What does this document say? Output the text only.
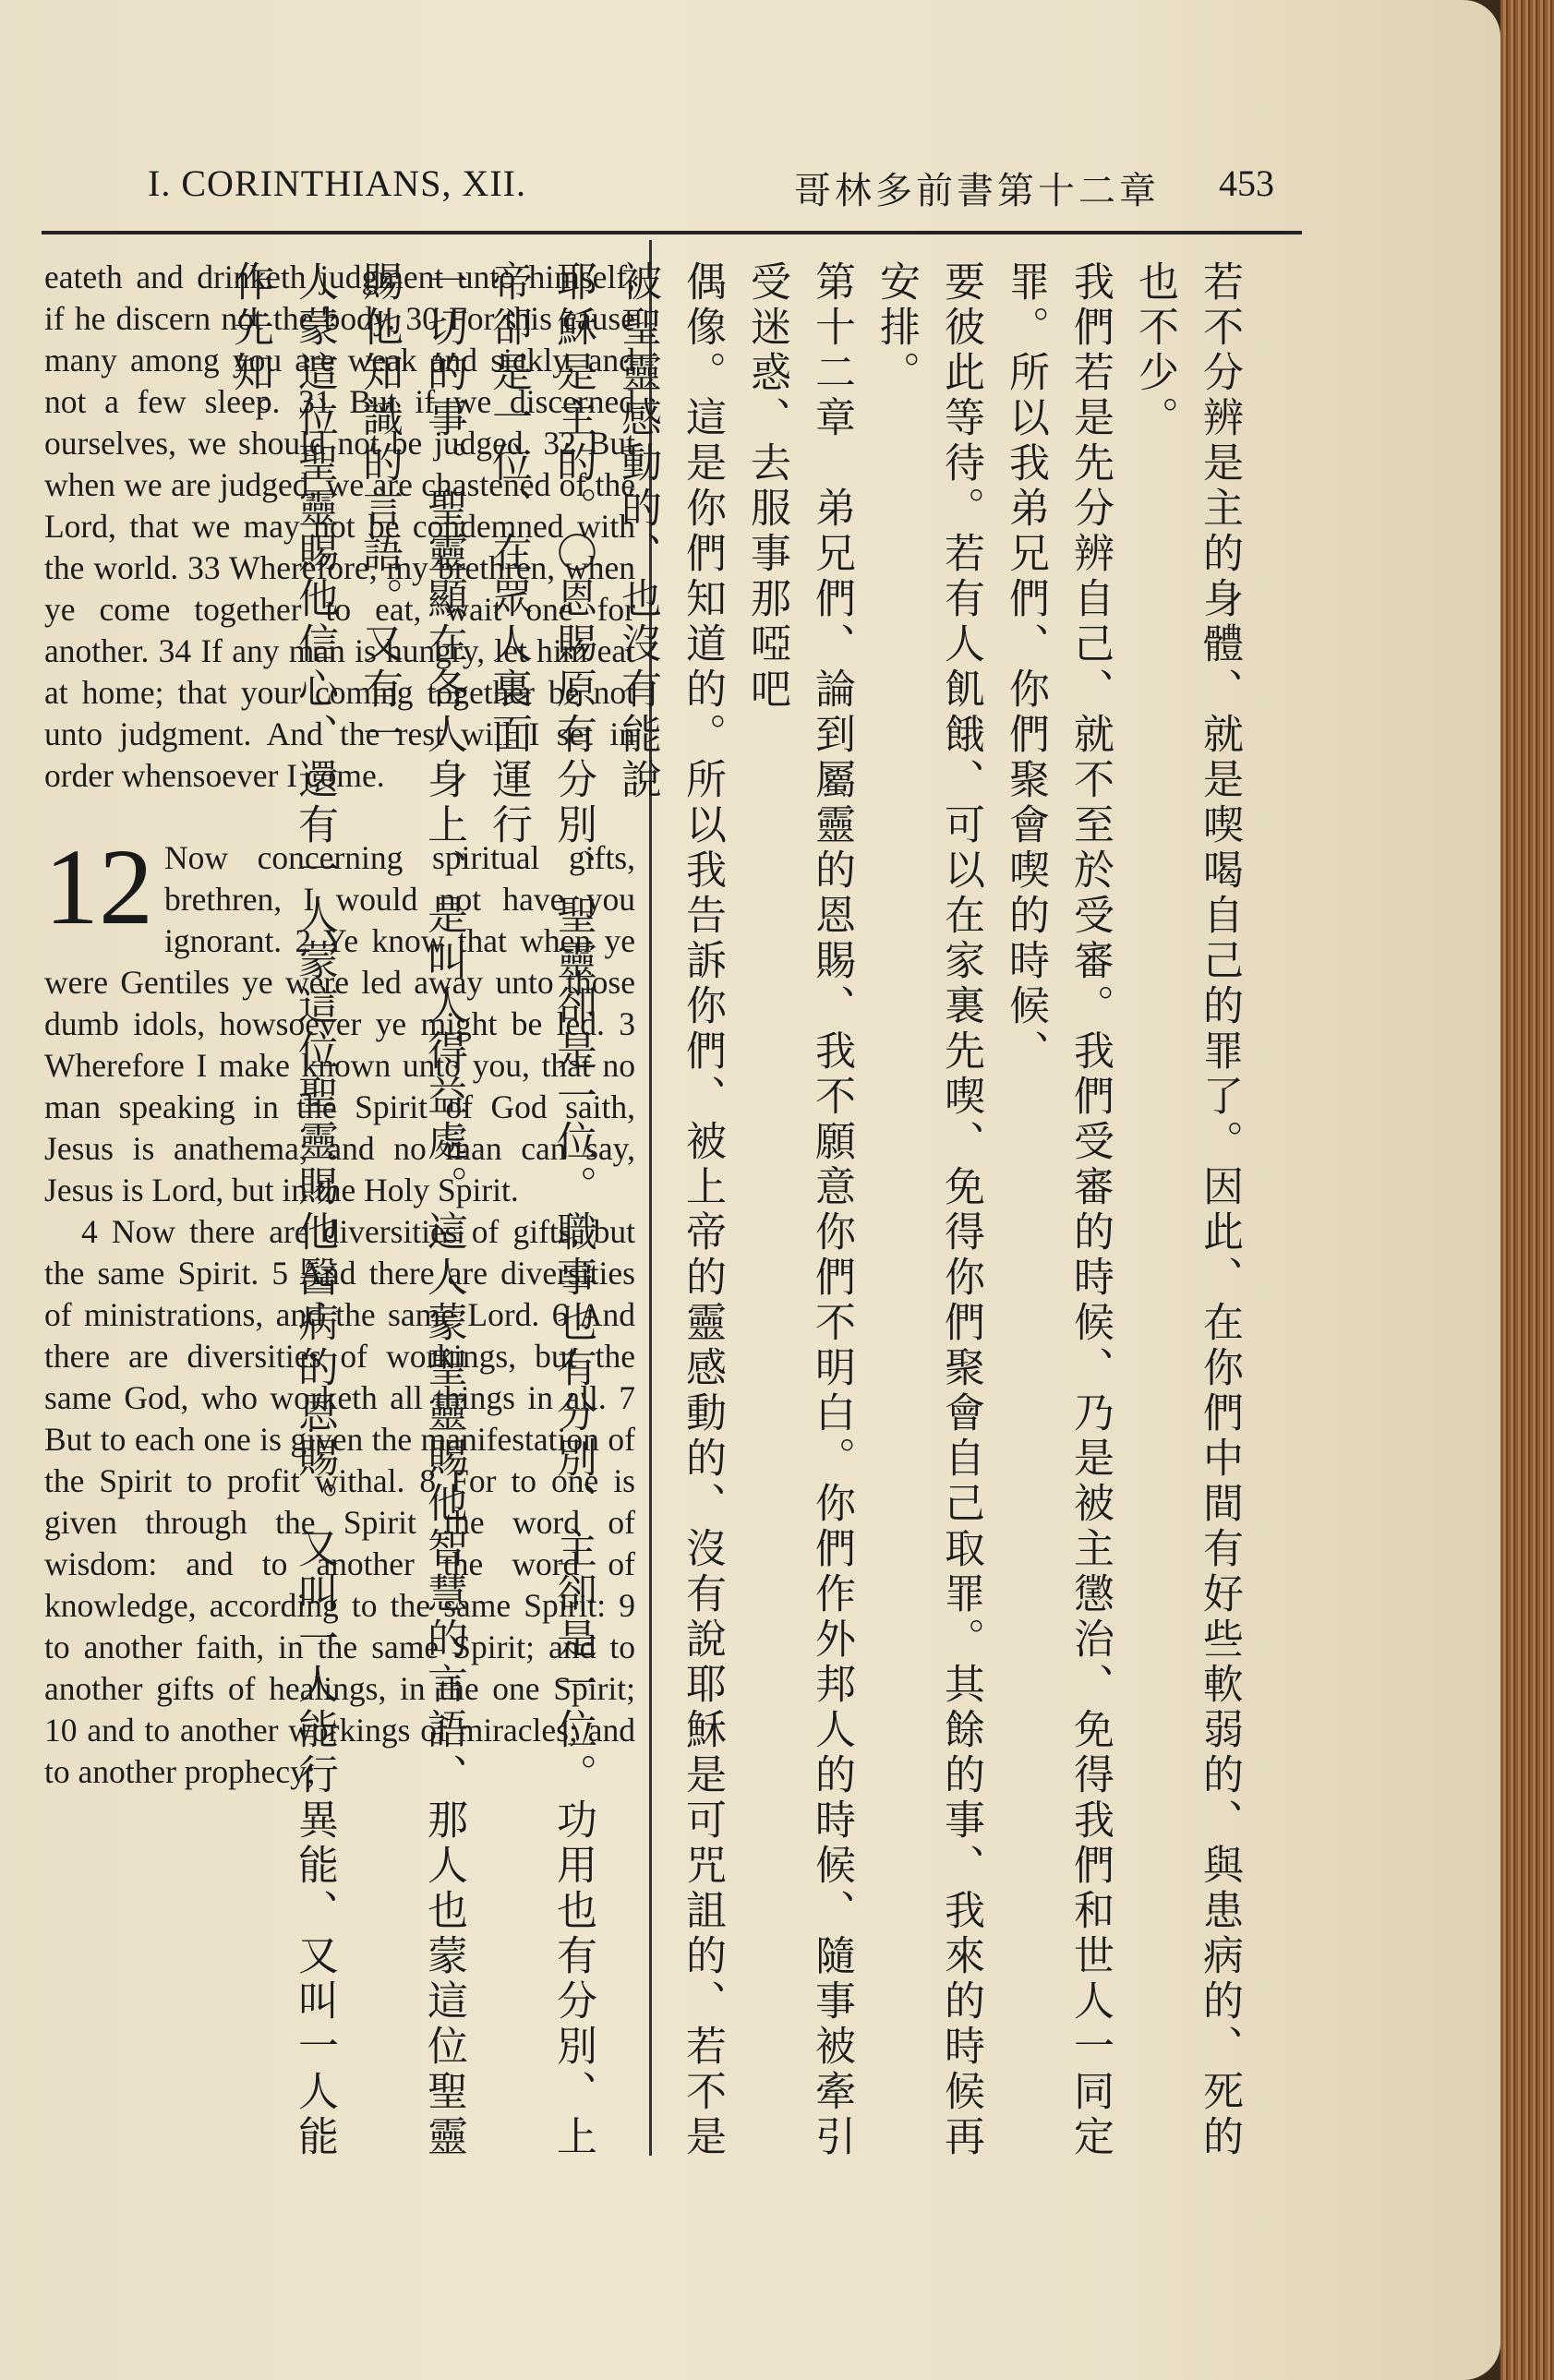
I. CORINTHIANS, XII.	哥林多前書第十二章 453

eateth and drinketh judgment unto himself, if he discern not the body. 30 For this cause many among you are weak and sickly, and not a few sleep. 31 But if we discerned ourselves, we should not be judged. 32 But when we are judged, we are chastened of the Lord, that we may not be condemned with the world. 33 Wherefore, my brethren, when ye come together to eat, wait one for another. 34 If any man is hungry, let him eat at home; that your coming together be not unto judgment. And the rest will I set in order whensoever I come.

12 Now concerning spiritual gifts, brethren, I would not have you ignorant. 2 Ye know that when ye were Gentiles ye were led away unto those dumb idols, howsoever ye might be led. 3 Wherefore I make known unto you, that no man speaking in the Spirit of God saith, Jesus is anathema; and no man can say, Jesus is Lord, but in the Holy Spirit.

4 Now there are diversities of gifts, but the same Spirit. 5 And there are diversities of ministrations, and the same Lord. 6 And there are diversities of workings, but the same God, who worketh all things in all. 7 But to each one is given the manifestation of the Spirit to profit withal. 8 For to one is given through the Spirit the word of wisdom: and to another the word of knowledge, according to the same Spirit: 9 to another faith, in the same Spirit; and to another gifts of healings, in the one Spirit; 10 and to another workings of miracles; and to another prophecy;	若不分辨是主的身體、就是喫喝自己的罪了。因此、在你們中間有好些軟弱的、與患病的、死的也不少。

我們若是先分辨自己、就不至於受審。我們受審的時候、乃是被主懲治、免得我們和世人一同定罪。所以我弟兄們、你們聚會喫的時候、

要彼此等待。若有人飢餓、可以在家裏先喫、免得你們聚會自己取罪。其餘的事、我來的時候再安排。

第十二章　弟兄們、論到屬靈的恩賜、我不願意你們不明白。你們作外邦人的時候、隨事被牽引受迷惑、去服事那啞吧

偶像。這是你們知道的。所以我告訴你們、被上帝的靈感動的、沒有說耶穌是可咒詛的、若不是被聖靈感動的、也沒有能說

耶穌是主的。〇恩賜原有分別、聖靈卻是一位。職事也有分別、主卻是一位。功用也有分別、上帝卻是一位、在眾人裏面運行

一切的事。聖靈顯在各人身上、是叫人得益處。這人蒙聖靈賜他智慧的言語、那人也蒙這位聖靈賜他知識的言語。又有一

人蒙這位聖靈賜他信心、還有一人蒙這位聖靈賜他醫病的恩賜。又叫一人能行異能、又叫一人能作先知。
